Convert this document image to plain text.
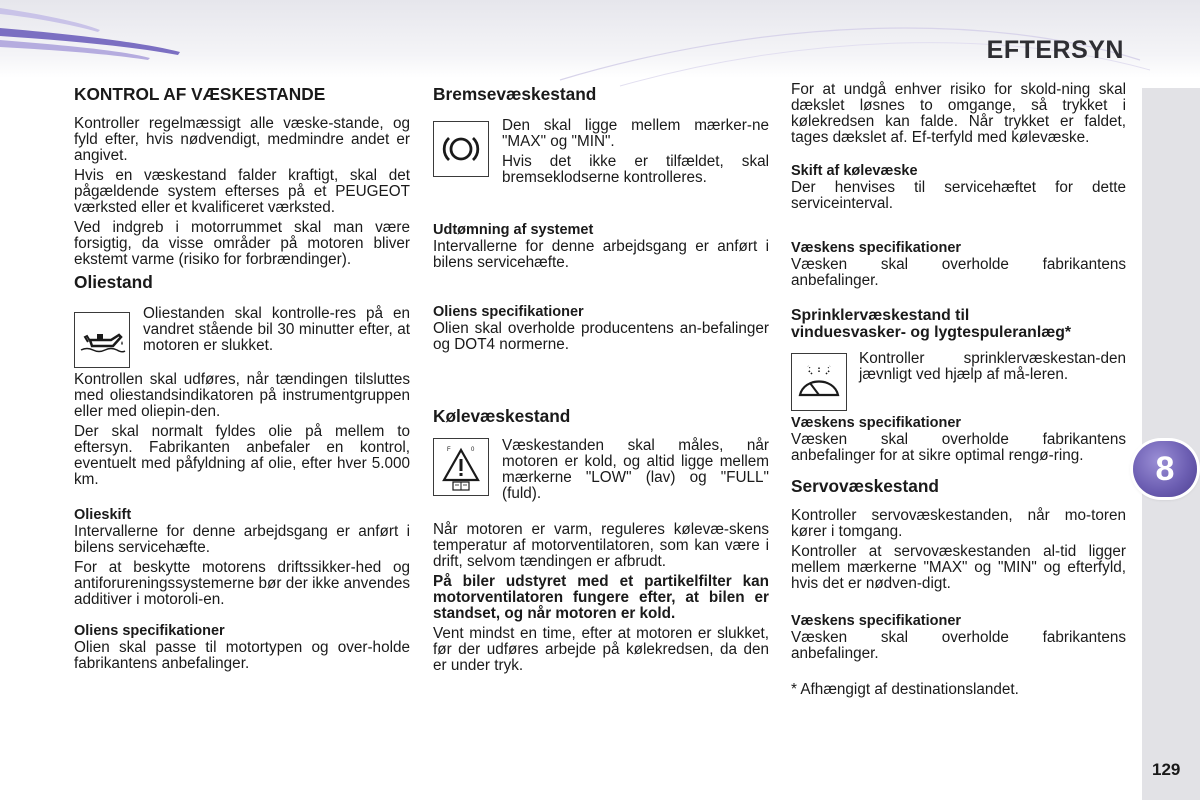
EFTERSYN
8
129
KONTROL AF VÆSKESTANDE

Kontroller regelmæssigt alle væske-stande, og fyld efter, hvis nødvendigt, medmindre andet er angivet.

Hvis en væskestand falder kraftigt, skal det pågældende system efterses på et PEUGEOT værksted eller et kvalificeret værksted.

Ved indgreb i motorrummet skal man være forsigtig, da visse områder på motoren bliver ekstemt varme (risiko for forbrændinger).

Oliestand

Oliestanden skal kontrolle-res på en vandret stående bil 30 minutter efter, at motoren er slukket.

Kontrollen skal udføres, når tændingen tilsluttes med oliestandsindikatoren på instrumentgruppen eller med oliepin-den.

Der skal normalt fyldes olie på mellem to eftersyn. Fabrikanten anbefaler en kontrol, eventuelt med påfyldning af olie, efter hver 5.000 km.

Olieskift

Intervallerne for denne arbejdsgang er anført i bilens servicehæfte.

For at beskytte motorens driftssikker-hed og antiforureningssystemerne bør der ikke anvendes additiver i motoroli-en.

Oliens specifikationer

Olien skal passe til motortypen og over-holde fabrikantens anbefalinger.

Bremsevæskestand

Den skal ligge mellem mærker-ne "MAX" og "MIN".

Hvis det ikke er tilfældet, skal bremseklodserne kontrolleres.

Udtømning af systemet

Intervallerne for denne arbejdsgang er anført i bilens servicehæfte.

Oliens specifikationer

Olien skal overholde producentens an-befalinger og DOT4 normerne.

Kølevæskestand
F	0 Væskestanden skal måles, når motoren er kold, og altid ligge mellem mærkerne "LOW" (lav) og "FULL" (fuld).

Når motoren er varm, reguleres kølevæ-skens temperatur af motorventilatoren, som kan være i drift, selvom tændingen er afbrudt.

På biler udstyret med et partikelfilter kan motorventilatoren fungere efter, at bilen er standset, og når motoren er kold.

Vent mindst en time, efter at motoren er slukket, før der udføres arbejde på kølekredsen, da den er under tryk.

For at undgå enhver risiko for skold-ning skal dækslet løsnes to omgange, så trykket i kølekredsen kan falde. Når trykket er faldet, tages dækslet af. Ef-terfyld med kølevæske.

Skift af kølevæske

Der henvises til servicehæftet for dette serviceinterval.

Væskens specifikationer

Væsken skal overholde fabrikantens anbefalinger.

Sprinklervæskestand til
vinduesvasker- og lygtespuleranlæg*

Kontroller sprinklervæskestan-den jævnligt ved hjælp af må-leren.

Væskens specifikationer

Væsken skal overholde fabrikantens anbefalinger for at sikre optimal rengø-ring.

Servovæskestand

Kontroller servovæskestanden, når mo-toren kører i tomgang.

Kontroller at servovæskestanden al-tid ligger mellem mærkerne "MAX" og "MIN" og efterfyld, hvis det er nødven-digt.

Væskens specifikationer

Væsken skal overholde fabrikantens anbefalinger.

* Afhængigt af destinationslandet.
